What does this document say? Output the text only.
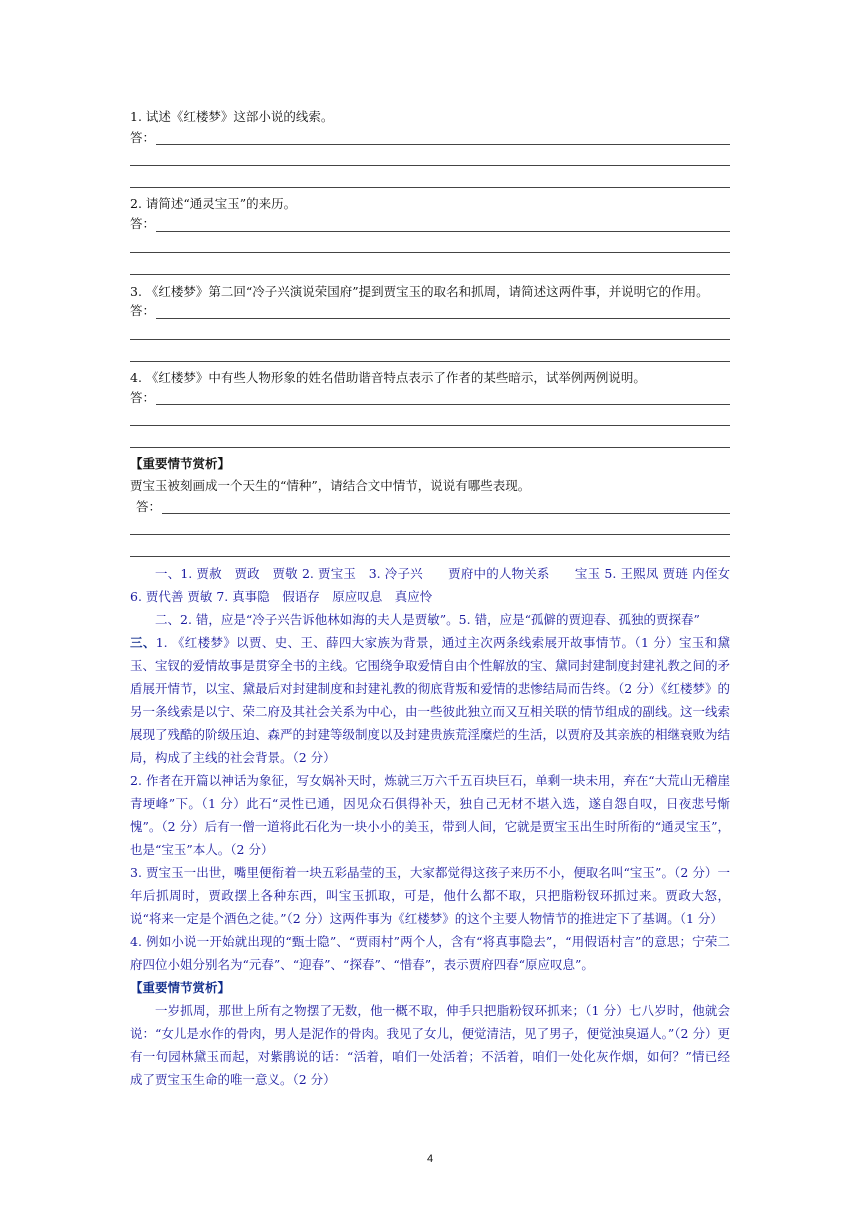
1. 试述《红楼梦》这部小说的线索。
答：
2. 请简述“通灵宝玉”的来历。
答：
3. 《红楼梦》第二回“冷子兴演说荣国府”提到贾宝玉的取名和抓周，请简述这两件事，并说明它的作用。
答：
4. 《红楼梦》中有些人物形象的姓名借助谐音特点表示了作者的某些暗示，试举例两例说明。
答：
【重要情节赏析】
贾宝玉被刻画成一个天生的“情种”，请结合文中情节，说说有哪些表现。
答：

一、1. 贾赦　贾政　贾敬 2. 贾宝玉　3. 冷子兴　　贾府中的人物关系　　宝玉 5. 王熙凤 贾琏 内侄女 6. 贾代善 贾敏 7. 真事隐　假语存　原应叹息　真应怜

二、2. 错，应是“冷子兴告诉他林如海的夫人是贾敏”。5. 错，应是“孤僻的贾迎春、孤独的贾探春”

三、1. 《红楼梦》以贾、史、王、薛四大家族为背景，通过主次两条线索展开故事情节。（1 分）宝玉和黛玉、宝钗的爱情故事是贯穿全书的主线。它围绕争取爱情自由个性解放的宝、黛同封建制度封建礼教之间的矛盾展开情节，以宝、黛最后对封建制度和封建礼教的彻底背叛和爱情的悲惨结局而告终。（2 分）《红楼梦》的另一条线索是以宁、荣二府及其社会关系为中心，由一些彼此独立而又互相关联的情节组成的副线。这一线索展现了残酷的阶级压迫、森严的封建等级制度以及封建贵族荒淫糜烂的生活，以贾府及其亲族的相继衰败为结局，构成了主线的社会背景。（2 分）

2. 作者在开篇以神话为象征，写女娲补天时，炼就三万六千五百块巨石，单剩一块未用，弃在“大荒山无稽崖青埂峰”下。（1 分）此石“灵性已通，因见众石俱得补天，独自己无材不堪入选，遂自怨自叹，日夜悲号惭愧”。（2 分）后有一僧一道将此石化为一块小小的美玉，带到人间，它就是贾宝玉出生时所衔的“通灵宝玉”，也是“宝玉”本人。（2 分）

3. 贾宝玉一出世，嘴里便衔着一块五彩晶莹的玉，大家都觉得这孩子来历不小，便取名叫“宝玉”。（2 分）一年后抓周时，贾政摆上各种东西，叫宝玉抓取，可是，他什么都不取，只把脂粉钗环抓过来。贾政大怒，说“将来一定是个酒色之徒。”（2 分）这两件事为《红楼梦》的这个主要人物情节的推进定下了基调。（1 分）

4. 例如小说一开始就出现的“甄士隐”、“贾雨村”两个人，含有“将真事隐去”，“用假语村言”的意思；宁荣二府四位小姐分别名为“元春”、“迎春”、“探春”、“惜春”，表示贾府四春“原应叹息”。

【重要情节赏析】

一岁抓周，那世上所有之物摆了无数，他一概不取，伸手只把脂粉钗环抓来；（1 分）七八岁时，他就会说：“女儿是水作的骨肉，男人是泥作的骨肉。我见了女儿，便觉清洁，见了男子，便觉浊臭逼人。”（2 分）更有一句园林黛玉而起，对紫鹃说的话：“活着，咱们一处活着；不活着，咱们一处化灰作烟，如何？”情已经成了贾宝玉生命的唯一意义。（2 分）

4
